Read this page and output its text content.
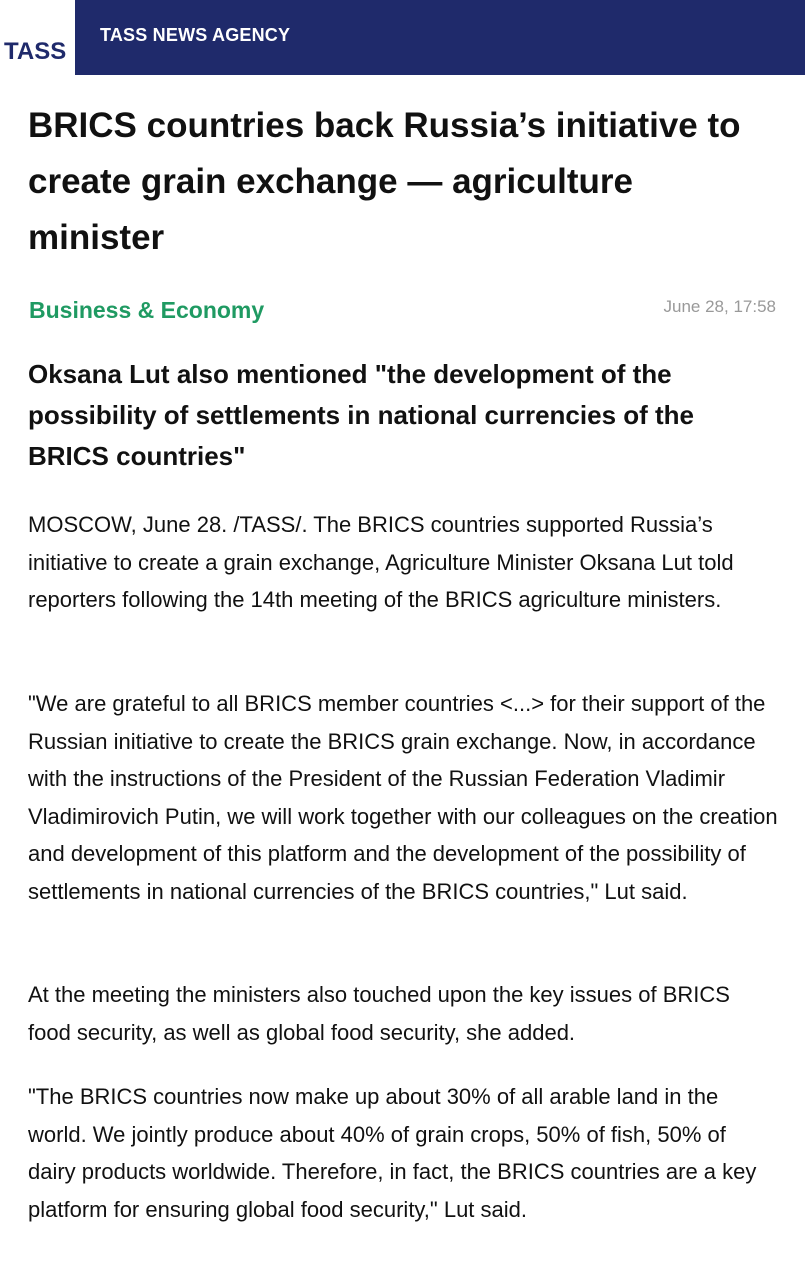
TASS
TASS NEWS AGENCY
BRICS countries back Russia’s initiative to create grain exchange — agriculture minister
Business & Economy	June 28, 17:58

Oksana Lut also mentioned "the development of the possibility of settlements in national currencies of the BRICS countries"

MOSCOW, June 28. /TASS/. The BRICS countries supported Russia’s initiative to create a grain exchange, Agriculture Minister Oksana Lut told reporters following the 14th meeting of the BRICS agriculture ministers.

"We are grateful to all BRICS member countries <...> for their support of the Russian initiative to create the BRICS grain exchange. Now, in accordance with the instructions of the President of the Russian Federation Vladimir Vladimirovich Putin, we will work together with our colleagues on the creation and development of this platform and the development of the possibility of settlements in national currencies of the BRICS countries," Lut said.

At the meeting the ministers also touched upon the key issues of BRICS food security, as well as global food security, she added.

"The BRICS countries now make up about 30% of all arable land in the world. We jointly produce about 40% of grain crops, 50% of fish, 50% of dairy products worldwide. Therefore, in fact, the BRICS countries are a key platform for ensuring global food security," Lut said.
